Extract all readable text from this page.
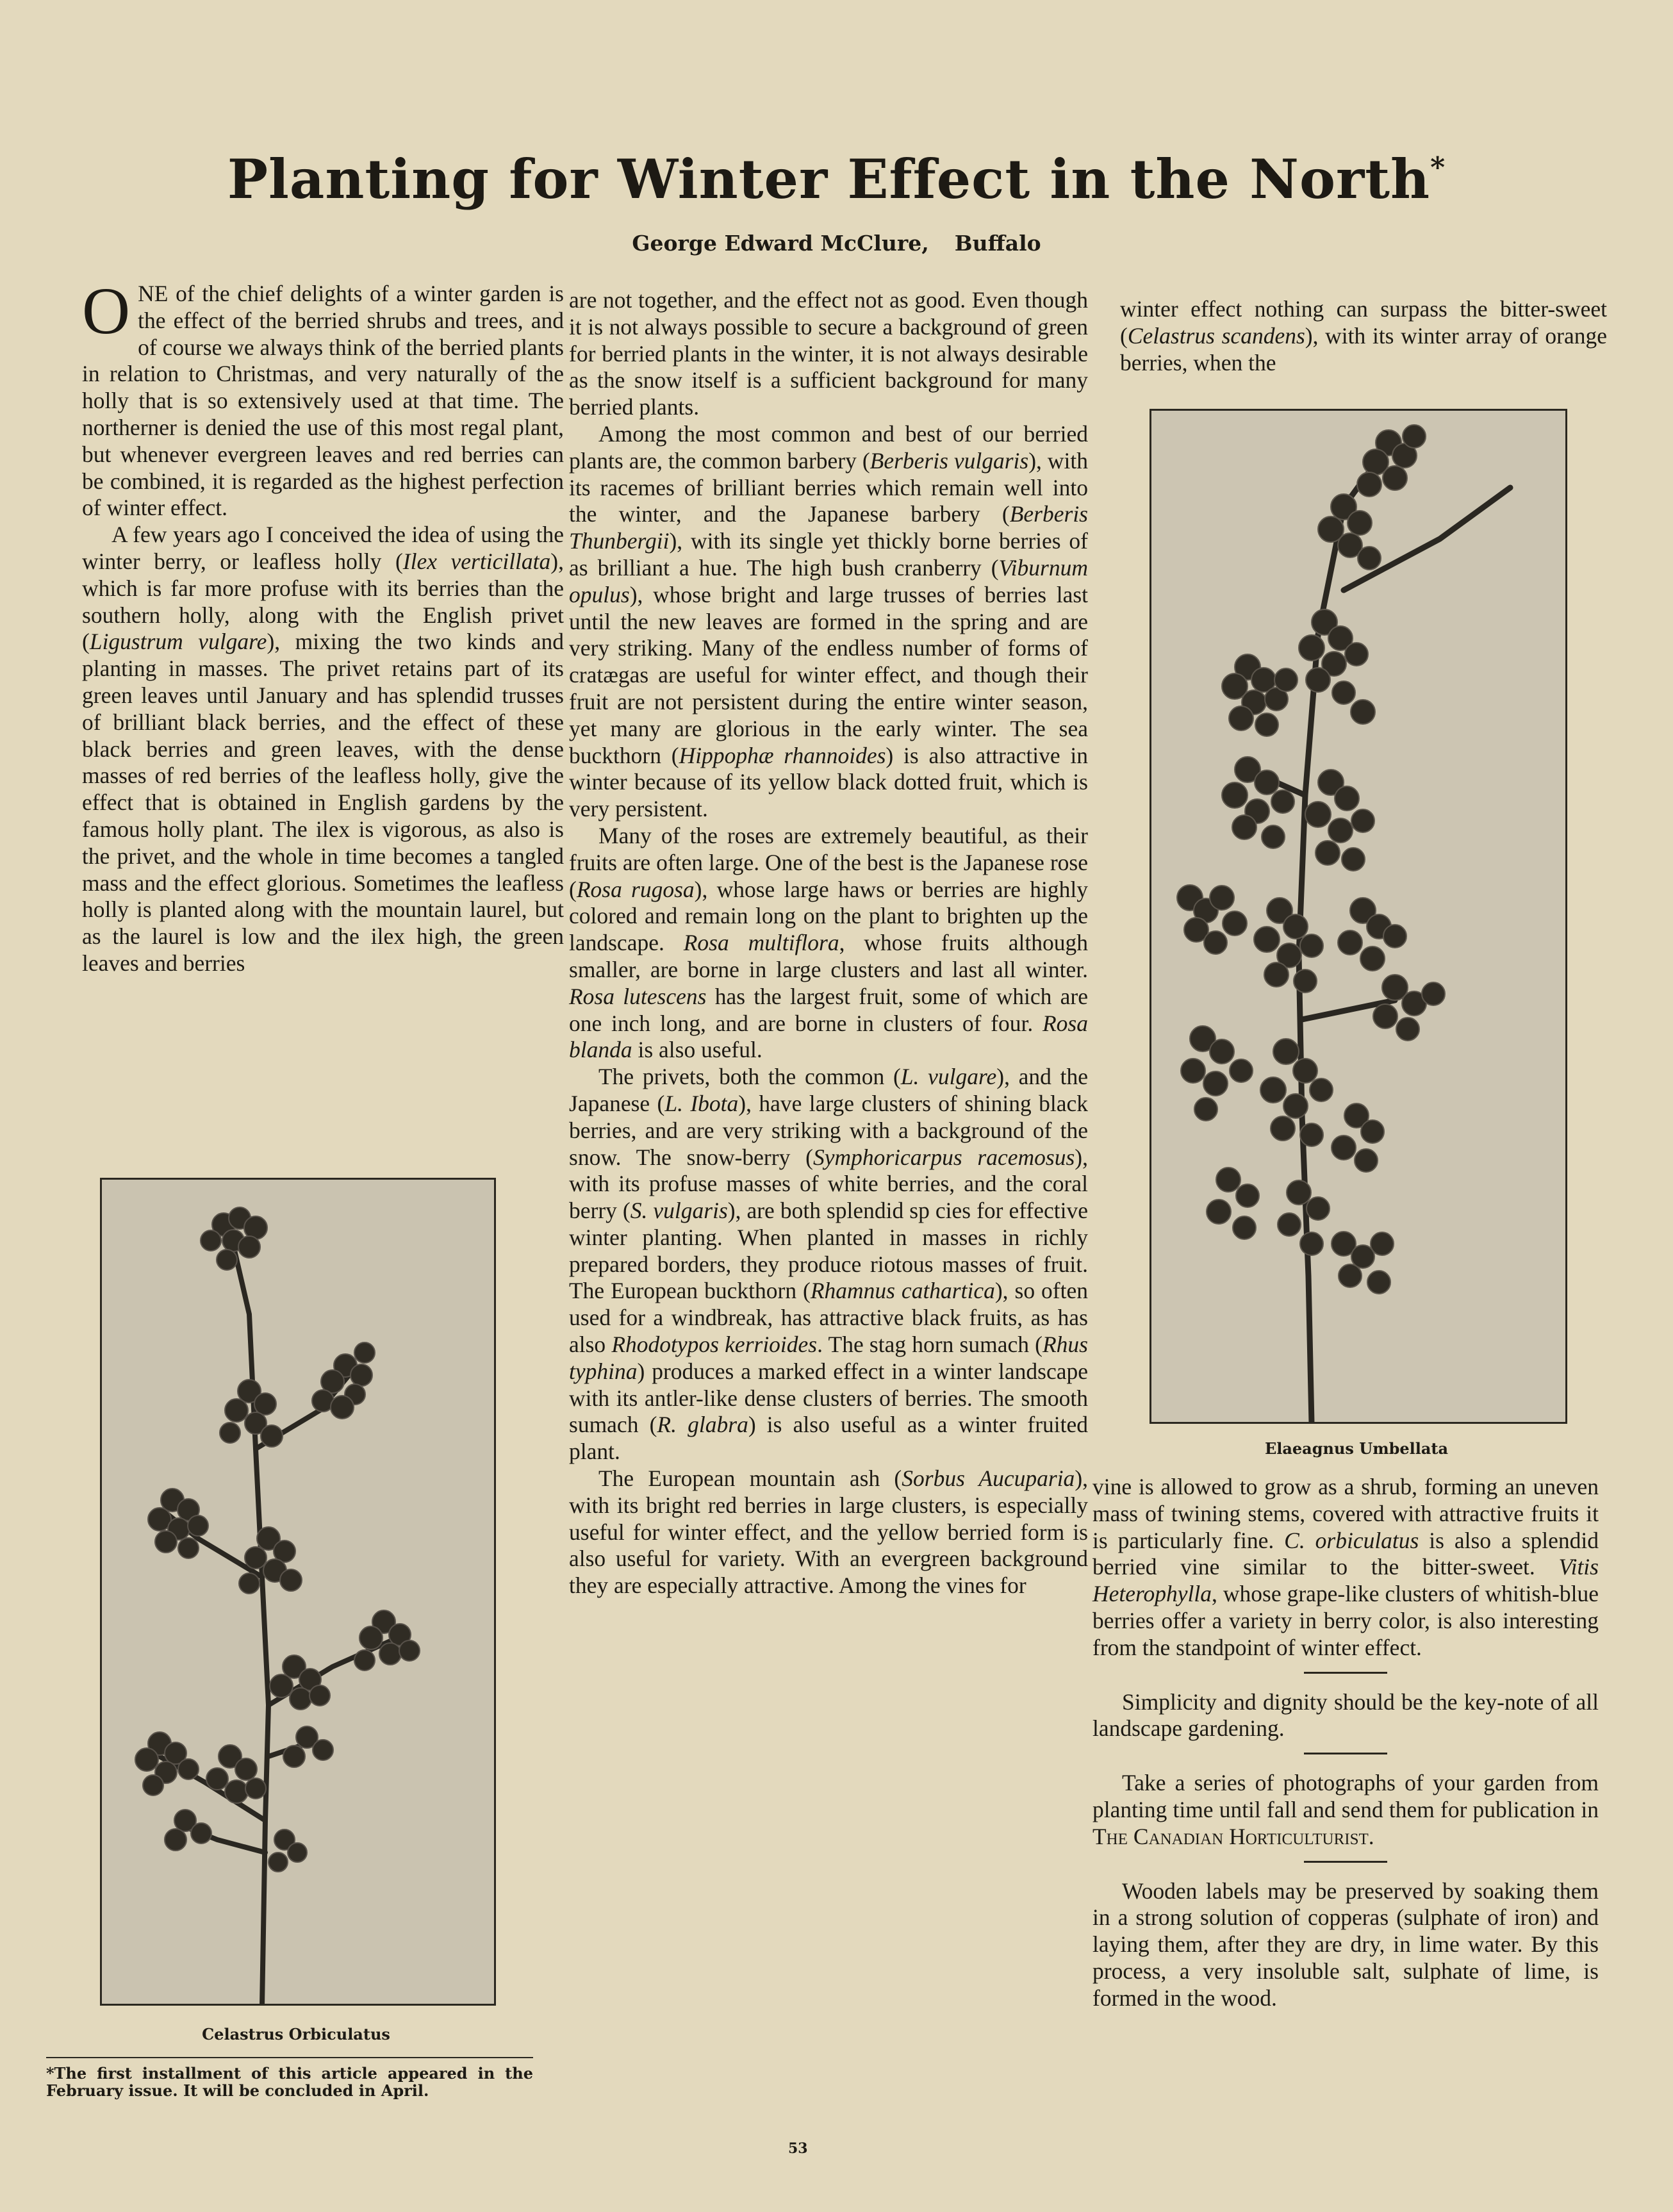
Planting for Winter Effect in the North*
George Edward McClure, Buffalo

ONE of the chief delights of a winter garden is the effect of the berried shrubs and trees, and of course we always think of the berried plants in relation to Christmas, and very naturally of the holly that is so extensively used at that time. The northerner is denied the use of this most regal plant, but whenever evergreen leaves and red berries can be combined, it is regarded as the highest perfection of winter effect.

A few years ago I conceived the idea of using the winter berry, or leafless holly (Ilex verticillata), which is far more profuse with its berries than the southern holly, along with the English privet (Ligustrum vulgare), mixing the two kinds and planting in masses. The privet retains part of its green leaves until January and has splendid trusses of brilliant black berries, and the effect of these black berries and green leaves, with the dense masses of red berries of the leafless holly, give the effect that is obtained in English gardens by the famous holly plant. The ilex is vigorous, as also is the privet, and the whole in time becomes a tangled mass and the effect glorious. Sometimes the leafless holly is planted along with the mountain laurel, but as the laurel is low and the ilex high, the green leaves and berries

Celastrus Orbiculatus
*The first installment of this article appeared in the February issue. It will be concluded in April.

are not together, and the effect not as good. Even though it is not always possible to secure a background of green for berried plants in the winter, it is not always desirable as the snow itself is a sufficient background for many berried plants.

Among the most common and best of our berried plants are, the common barbery (Berberis vulgaris), with its racemes of brilliant berries which remain well into the winter, and the Japanese barbery (Berberis Thunbergii), with its single yet thickly borne berries of as brilliant a hue. The high bush cranberry (Viburnum opulus), whose bright and large trusses of berries last until the new leaves are formed in the spring and are very striking. Many of the endless number of forms of cratægas are useful for winter effect, and though their fruit are not persistent during the entire winter season, yet many are glorious in the early winter. The sea buckthorn (Hippophæ rhannoides) is also attractive in winter because of its yellow black dotted fruit, which is very persistent.

Many of the roses are extremely beautiful, as their fruits are often large. One of the best is the Japanese rose (Rosa rugosa), whose large haws or berries are highly colored and remain long on the plant to brighten up the landscape. Rosa multiflora, whose fruits although smaller, are borne in large clusters and last all winter. Rosa lutescens has the largest fruit, some of which are one inch long, and are borne in clusters of four. Rosa blanda is also useful.

The privets, both the common (L. vulgare), and the Japanese (L. Ibota), have large clusters of shining black berries, and are very striking with a background of the snow. The snow-berry (Symphoricarpus racemosus), with its profuse masses of white berries, and the coral berry (S. vulgaris), are both splendid sp cies for effective winter planting. When planted in masses in richly prepared borders, they produce riotous masses of fruit. The European buckthorn (Rhamnus cathartica), so often used for a windbreak, has attractive black fruits, as has also Rhodotypos kerrioides. The stag horn sumach (Rhus typhina) produces a marked effect in a winter landscape with its antler-like dense clusters of berries. The smooth sumach (R. glabra) is also useful as a winter fruited plant.

The European mountain ash (Sorbus Aucuparia), with its bright red berries in large clusters, is especially useful for winter effect, and the yellow berried form is also useful for variety. With an evergreen background they are especially attractive. Among the vines for

winter effect nothing can surpass the bitter-sweet (Celastrus scandens), with its winter array of orange berries, when the

Elaeagnus Umbellata

vine is allowed to grow as a shrub, forming an uneven mass of twining stems, covered with attractive fruits it is particularly fine. C. orbiculatus is also a splendid berried vine similar to the bitter-sweet. Vitis Heterophylla, whose grape-like clusters of whitish-blue berries offer a variety in berry color, is also interesting from the standpoint of winter effect.

Simplicity and dignity should be the key-note of all landscape gardening.

Take a series of photographs of your garden from planting time until fall and send them for publication in The Canadian Horticulturist.

Wooden labels may be preserved by soaking them in a strong solution of copperas (sulphate of iron) and laying them, after they are dry, in lime water. By this process, a very insoluble salt, sulphate of lime, is formed in the wood.

53
